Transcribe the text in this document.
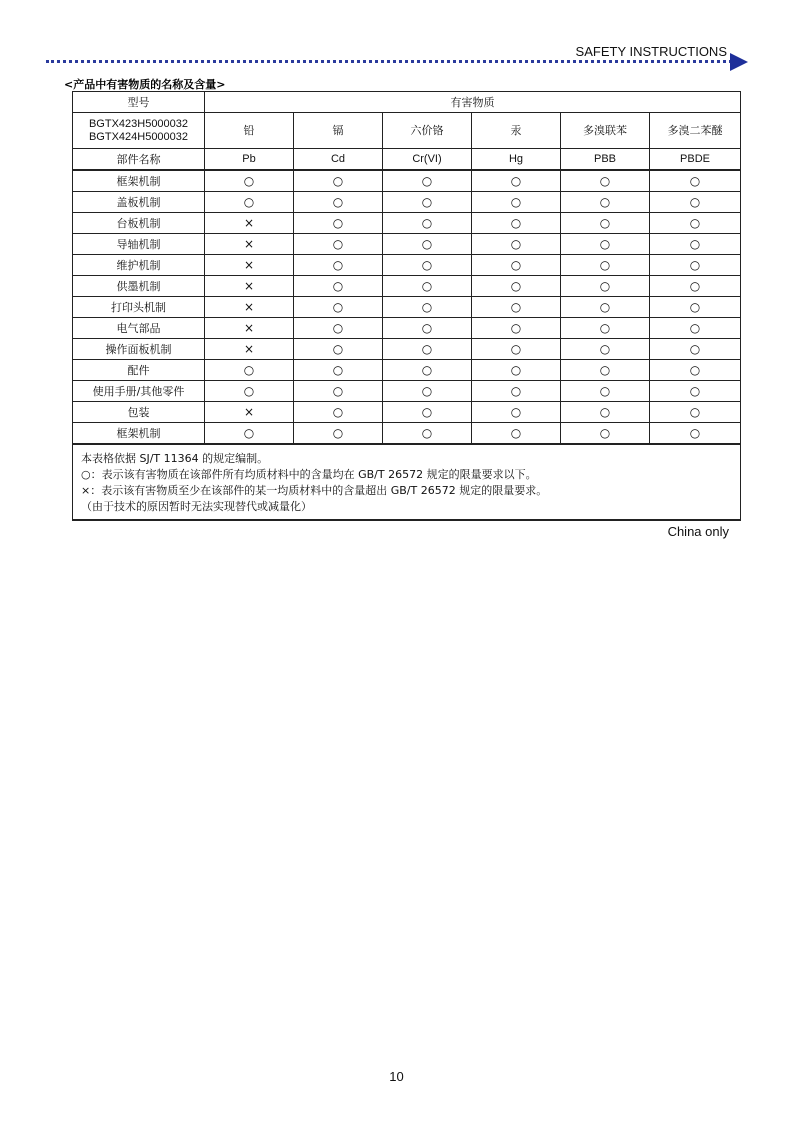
SAFETY INSTRUCTIONS
<产品中有害物质的名称及含量>
型号	有害物质					
BGTX423H5000032
BGTX424H5000032	铅	镉	六价铬	汞	多溴联苯	多溴二苯醚
部件名称	Pb	Cd	Cr(VI)	Hg	PBB	PBDE
框架机制	○	○	○	○	○	○
盖板机制	○	○	○	○	○	○
台板机制	×	○	○	○	○	○
导轴机制	×	○	○	○	○	○
维护机制	×	○	○	○	○	○
供墨机制	×	○	○	○	○	○
打印头机制	×	○	○	○	○	○
电气部品	×	○	○	○	○	○
操作面板机制	×	○	○	○	○	○
配件	○	○	○	○	○	○
使用手册/其他零件	○	○	○	○	○	○
包装	×	○	○	○	○	○
框架机制	○	○	○	○	○	○

本表格依据 SJ/T 11364 的规定编制。
○：表示该有害物质在该部件所有均质材料中的含量均在 GB/T 26572 规定的限量要求以下。
×：表示该有害物质至少在该部件的某一均质材料中的含量超出 GB/T 26572 规定的限量要求。
（由于技术的原因暂时无法实现替代或减量化）						
China only
10
